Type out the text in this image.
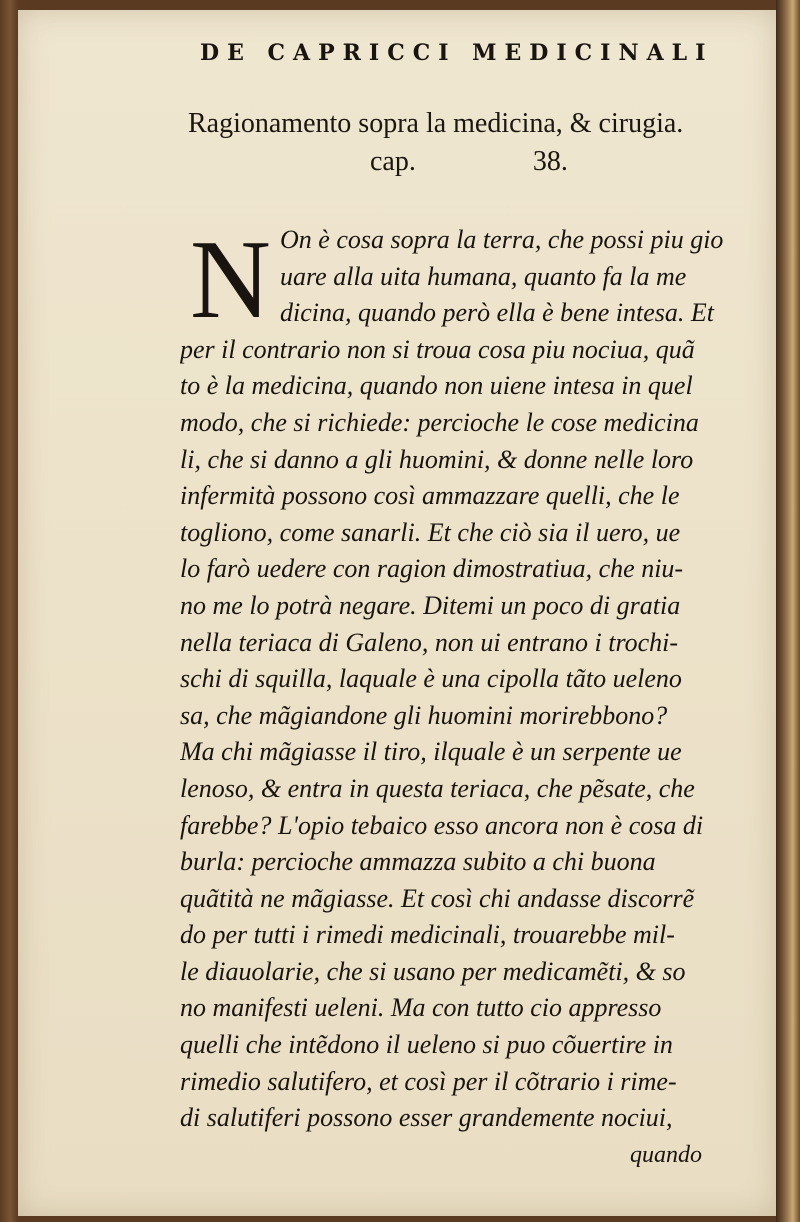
DE CAPRICCI MEDICINALI
Ragionamento sopra la medicina, & cirugia.
cap.	38.
N On è cosa sopra la terra, che possi piu gio
uare alla uita humana, quanto fa la me
dicina, quando però ella è bene intesa. Et
per il contrario non si troua cosa piu nociua, quã
to è la medicina, quando non uiene intesa in quel
modo, che si richiede: percioche le cose medicina
li, che si danno a gli huomini, & donne nelle loro
infermità possono così ammazzare quelli, che le
togliono, come sanarli. Et che ciò sia il uero, ue
lo farò uedere con ragion dimostratiua, che niu-
no me lo potrà negare. Ditemi un poco di gratia
nella teriaca di Galeno, non ui entrano i trochi-
schi di squilla, laquale è una cipolla tãto ueleno
sa, che mãgiandone gli huomini morirebbono?
Ma chi mãgiasse il tiro, ilquale è un serpente ue
lenoso, & entra in questa teriaca, che pẽsate, che
farebbe? L'opio tebaico esso ancora non è cosa di
burla: percioche ammazza subito a chi buona
quãtità ne mãgiasse. Et così chi andasse discorrẽ
do per tutti i rimedi medicinali, trouarebbe mil-
le diauolarie, che si usano per medicamẽti, & so
no manifesti ueleni. Ma con tutto cio appresso
quelli che intẽdono il ueleno si puo cõuertire in
rimedio salutifero, et così per il cõtrario i rime-
di salutiferi possono esser grandemente nociui,
quando
